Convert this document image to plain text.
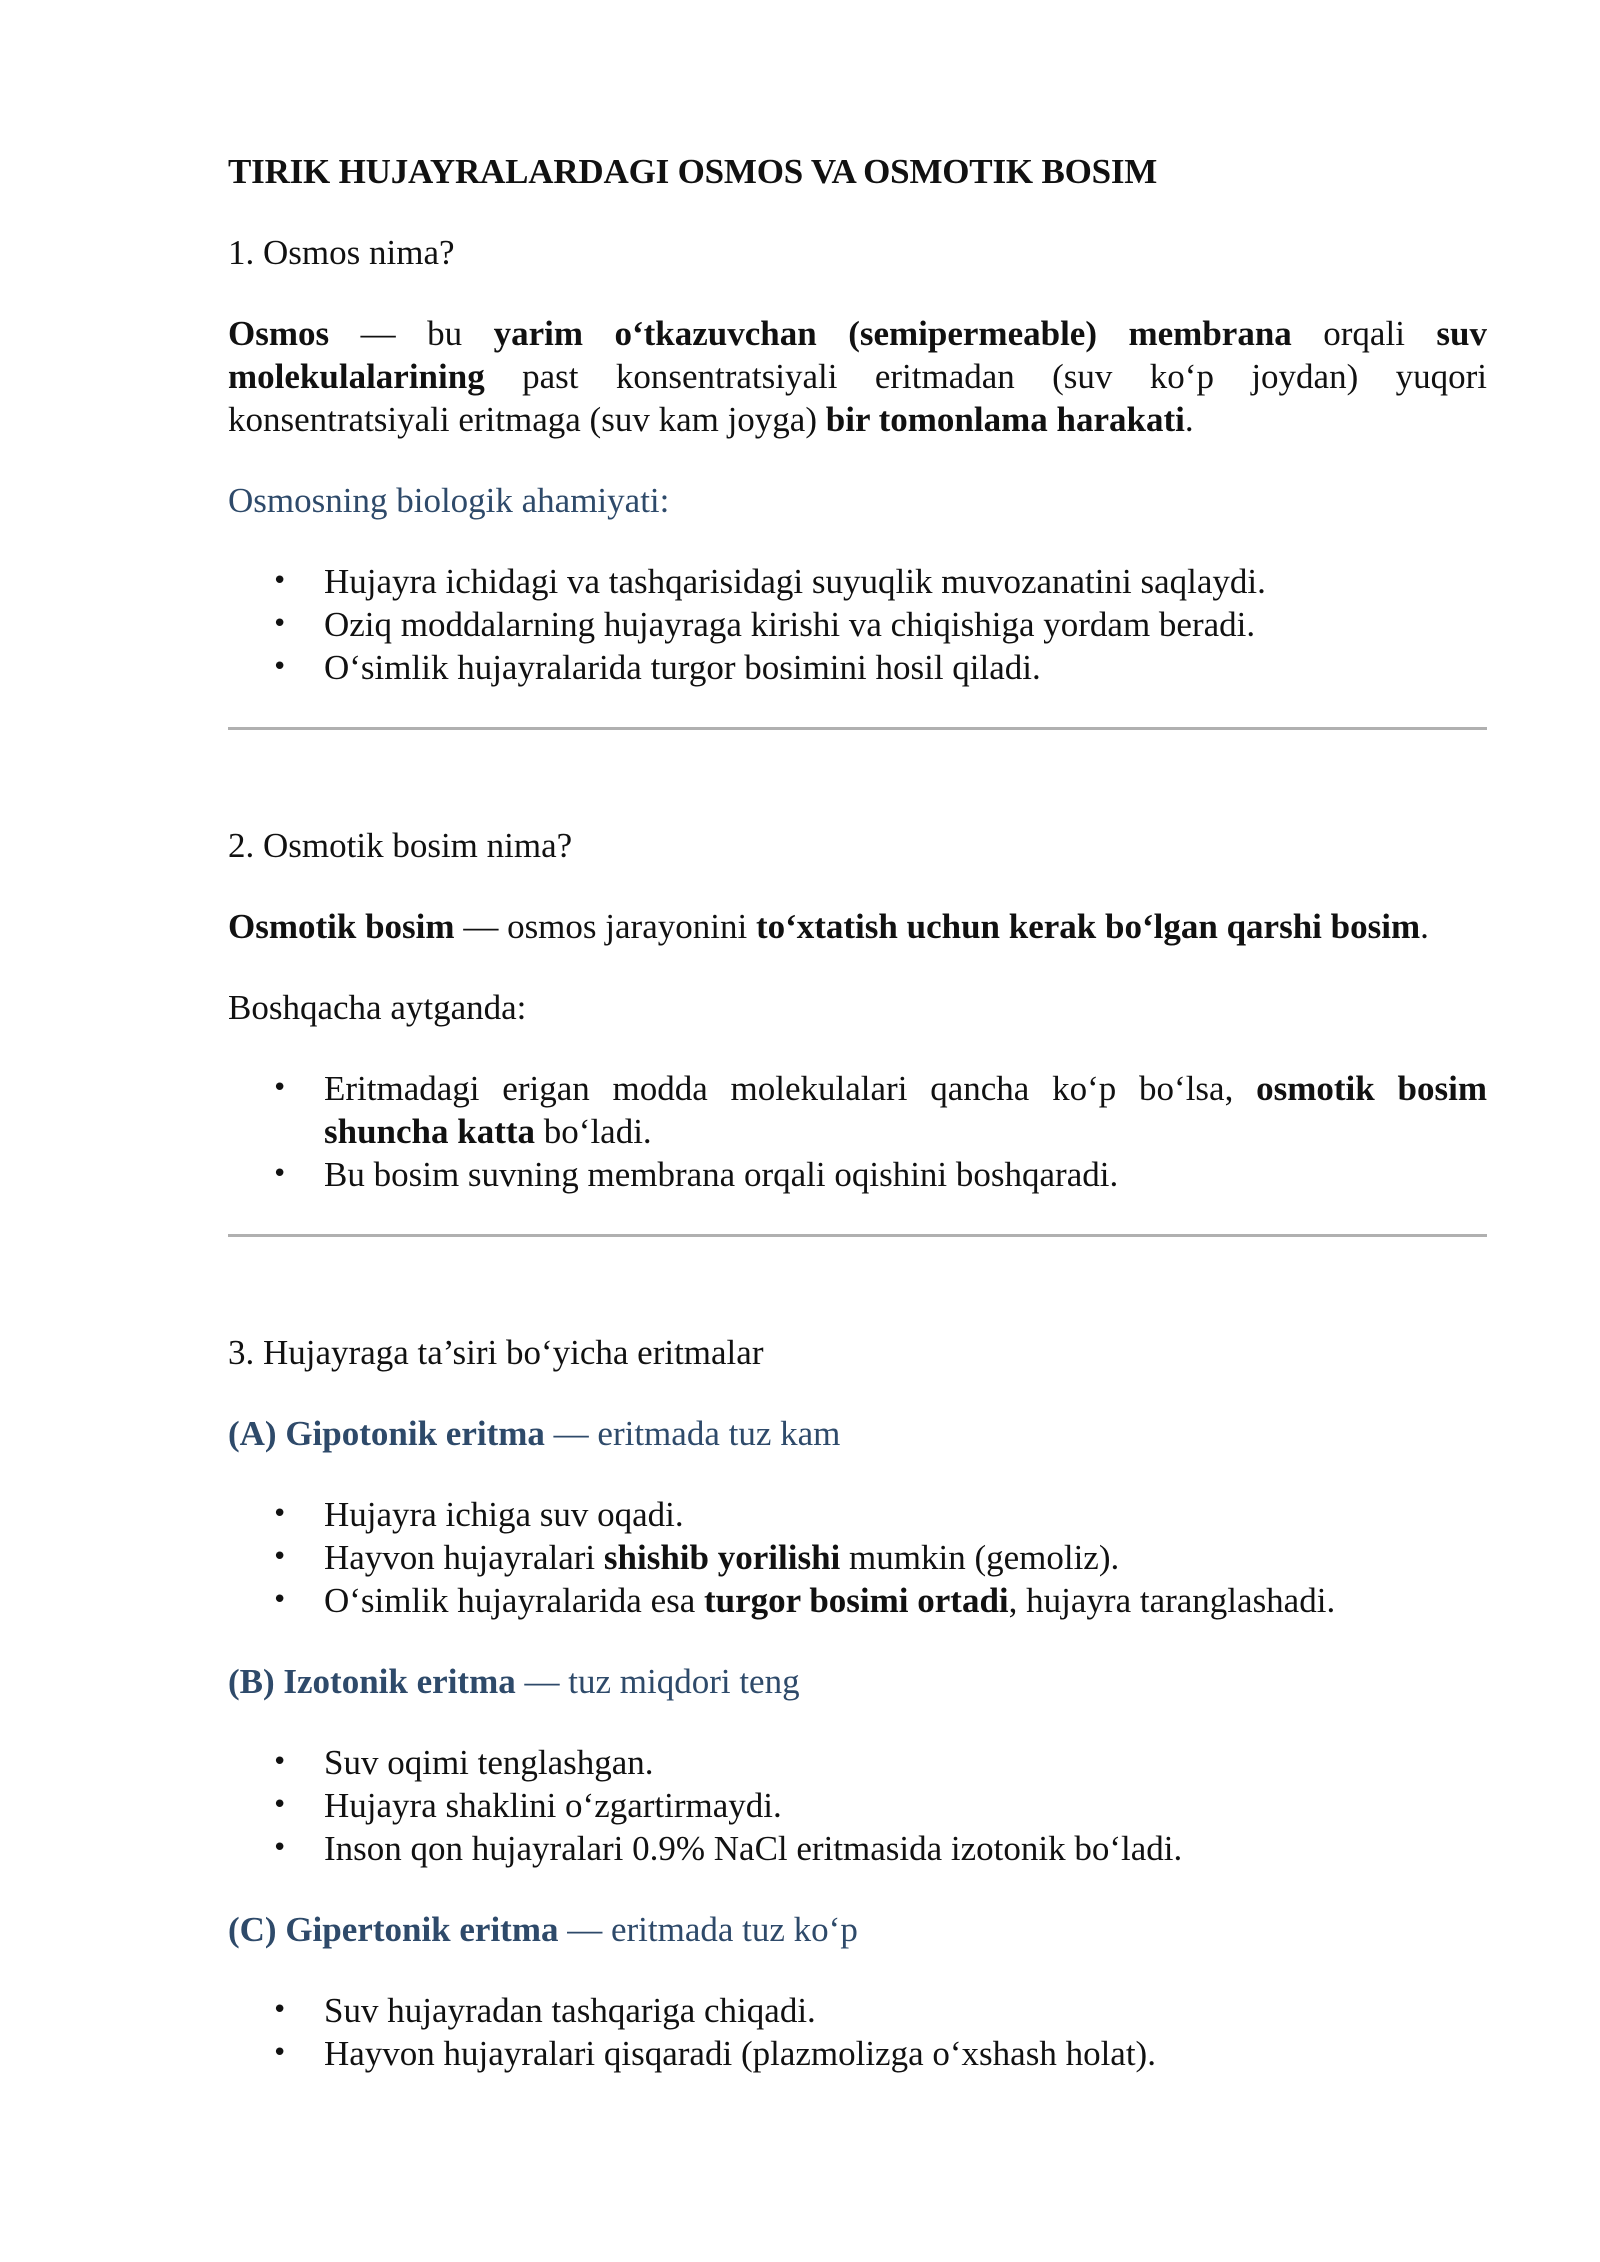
TIRIK HUJAYRALARDAGI OSMOS VA OSMOTIK BOSIM

1. Osmos nima?

Osmos — bu yarim o‘tkazuvchan (semipermeable) membrana orqali suv molekulalarining past konsentratsiyali eritmadan (suv ko‘p joydan) yuqori konsentratsiyali eritmaga (suv kam joyga) bir tomonlama harakati.

Osmosning biologik ahamiyati:

• Hujayra ichidagi va tashqarisidagi suyuqlik muvozanatini saqlaydi.
• Oziq moddalarning hujayraga kirishi va chiqishiga yordam beradi.
• O‘simlik hujayralarida turgor bosimini hosil qiladi.

2. Osmotik bosim nima?

Osmotik bosim — osmos jarayonini to‘xtatish uchun kerak bo‘lgan qarshi bosim.

Boshqacha aytganda:

• Eritmadagi erigan modda molekulalari qancha ko‘p bo‘lsa, osmotik bosim shuncha katta bo‘ladi.
• Bu bosim suvning membrana orqali oqishini boshqaradi.

3. Hujayraga ta’siri bo‘yicha eritmalar

(A) Gipotonik eritma — eritmada tuz kam

• Hujayra ichiga suv oqadi.
• Hayvon hujayralari shishib yorilishi mumkin (gemoliz).
• O‘simlik hujayralarida esa turgor bosimi ortadi, hujayra taranglashadi.

(B) Izotonik eritma — tuz miqdori teng

• Suv oqimi tenglashgan.
• Hujayra shaklini o‘zgartirmaydi.
• Inson qon hujayralari 0.9% NaCl eritmasida izotonik bo‘ladi.

(C) Gipertonik eritma — eritmada tuz ko‘p

• Suv hujayradan tashqariga chiqadi.
• Hayvon hujayralari qisqaradi (plazmolizga o‘xshash holat).
